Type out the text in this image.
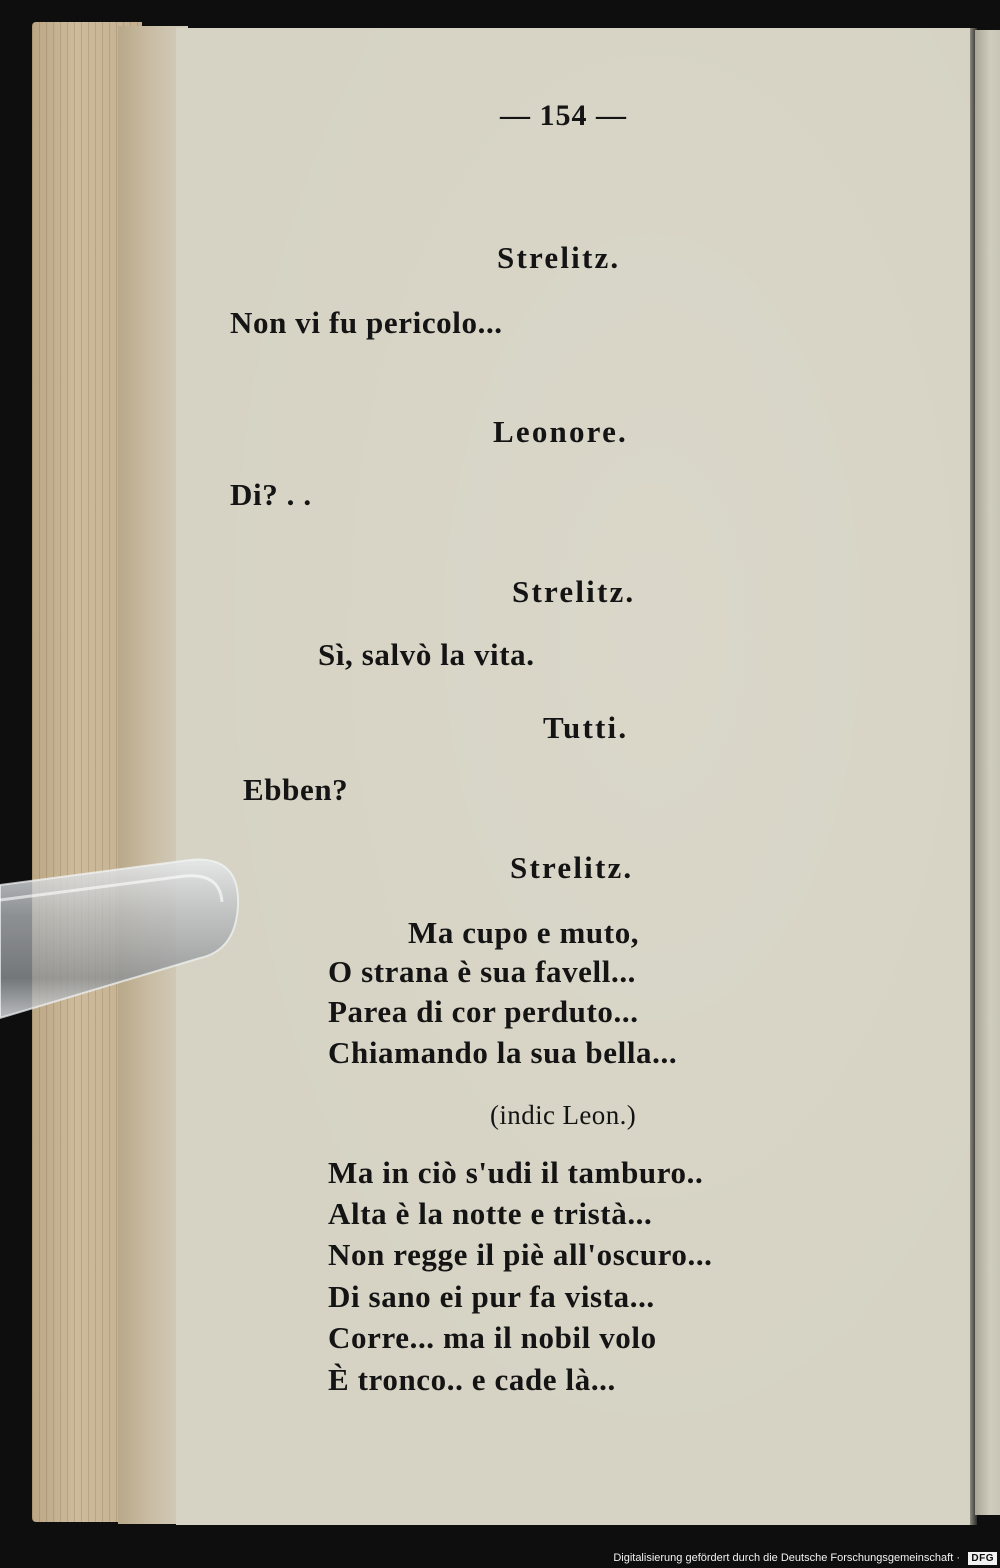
— 154 —
Strelitz.
Non vi fu pericolo...
Leonore.
Di? . .
Strelitz.
Sì, salvò la vita.
Tutti.
Ebben?
Strelitz.
Ma cupo e muto,
O strana è sua favell...
Parea di cor perduto...
Chiamando la sua bella...
(indic Leon.)
Ma in ciò s'udi il tamburo..
Alta è la notte e tristà...
Non regge il piè all'oscuro...
Di sano ei pur fa vista...
Corre... ma il nobil volo
È tronco.. e cade là...
Digitalisierung gefördert durch die Deutsche Forschungsgemeinschaft ·	DFG
